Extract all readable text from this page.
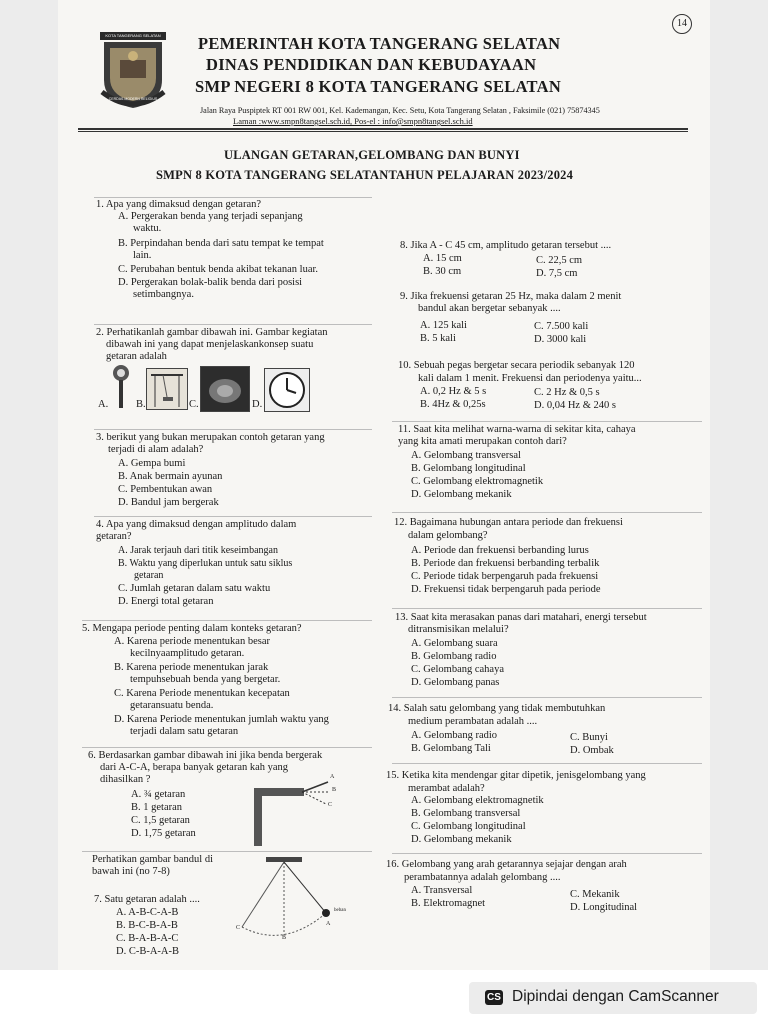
14
KOTA TANGERANG SELATAN
CERDAS MODERN RELIGIUS
PEMERINTAH KOTA TANGERANG SELATAN
DINAS PENDIDIKAN DAN KEBUDAYAAN
SMP NEGERI 8 KOTA TANGERANG SELATAN
Jalan Raya Puspiptek RT 001 RW 001, Kel. Kademangan, Kec. Setu, Kota Tangerang Selatan , Faksimile (021) 75874345
Laman :www.smpn8tangsel.sch.id, Pos-el : info@smpn8tangsel.sch.id
ULANGAN GETARAN,GELOMBANG DAN BUNYI
SMPN 8 KOTA TANGERANG SELATANTAHUN PELAJARAN 2023/2024
1. Apa yang dimaksud dengan getaran?
A. Pergerakan benda yang terjadi sepanjang
waktu.
B. Perpindahan benda dari satu tempat ke tempat
lain.
C. Perubahan bentuk benda akibat tekanan luar.
D. Pergerakan bolak-balik benda dari posisi
setimbangnya.
2. Perhatikanlah gambar dibawah ini. Gambar kegiatan
dibawah ini yang dapat menjelaskankonsep suatu
getaran adalah
A.	B.	C.	D.
3. berikut yang bukan merupakan contoh getaran yang
terjadi di alam adalah?
A. Gempa bumi
B. Anak bermain ayunan
C. Pembentukan awan
D. Bandul jam bergerak
4. Apa yang dimaksud dengan amplitudo dalam
getaran?
A. Jarak terjauh dari titik keseimbangan
B. Waktu yang diperlukan untuk satu siklus
getaran
C. Jumlah getaran dalam satu waktu
D. Energi total getaran
5. Mengapa periode penting dalam konteks getaran?
A. Karena periode menentukan besar
kecilnyaamplitudo getaran.
B. Karena periode menentukan jarak
tempuhsebuah benda yang bergetar.
C. Karena Periode menentukan kecepatan
getaransuatu benda.
D. Karena Periode menentukan jumlah waktu yang
terjadi dalam satu getaran
6. Berdasarkan gambar dibawah ini jika benda bergerak
dari A-C-A, berapa banyak getaran kah yang
dihasilkan ?
A. ¾ getaran
B. 1 getaran
C. 1,5 getaran
D. 1,75 getaran
A
B
C
Perhatikan gambar bandul di
bawah ini (no 7-8)
A
B
C
beban
7. Satu getaran adalah ....
A. A-B-C-A-B
B. B-C-B-A-B
C. B-A-B-A-C
D. C-B-A-A-B
8. Jika A - C 45 cm, amplitudo getaran tersebut ....
A. 15 cm	C. 22,5 cm
B. 30 cm	D. 7,5 cm
9. Jika frekuensi getaran 25 Hz, maka dalam 2 menit
bandul akan bergetar sebanyak ....
A. 125 kali	C. 7.500 kali
B. 5 kali	D. 3000 kali
10. Sebuah pegas bergetar secara periodik sebanyak 120
kali dalam 1 menit. Frekuensi dan periodenya yaitu...
A. 0,2 Hz & 5 s	C. 2 Hz & 0,5 s
B. 4Hz & 0,25s	D. 0,04 Hz & 240 s
11. Saat kita melihat warna-warna di sekitar kita, cahaya
yang kita amati merupakan contoh dari?
A. Gelombang transversal
B. Gelombang longitudinal
C. Gelombang elektromagnetik
D. Gelombang mekanik
12. Bagaimana hubungan antara periode dan frekuensi
dalam gelombang?
A. Periode dan frekuensi berbanding lurus
B. Periode dan frekuensi berbanding terbalik
C. Periode tidak berpengaruh pada frekuensi
D. Frekuensi tidak berpengaruh pada periode
13. Saat kita merasakan panas dari matahari, energi tersebut
ditransmisikan melalui?
A. Gelombang suara
B. Gelombang radio
C. Gelombang cahaya
D. Gelombang panas
14. Salah satu gelombang yang tidak membutuhkan
medium perambatan adalah ....
A. Gelombang radio	C. Bunyi
B. Gelombang Tali	D. Ombak
15. Ketika kita mendengar gitar dipetik, jenisgelombang yang
merambat adalah?
A. Gelombang elektromagnetik
B. Gelombang transversal
C. Gelombang longitudinal
D. Gelombang mekanik
16. Gelombang yang arah getarannya sejajar dengan arah
perambatannya adalah gelombang ....
A. Transversal	C. Mekanik
B. Elektromagnet	D. Longitudinal
CS Dipindai dengan CamScanner
